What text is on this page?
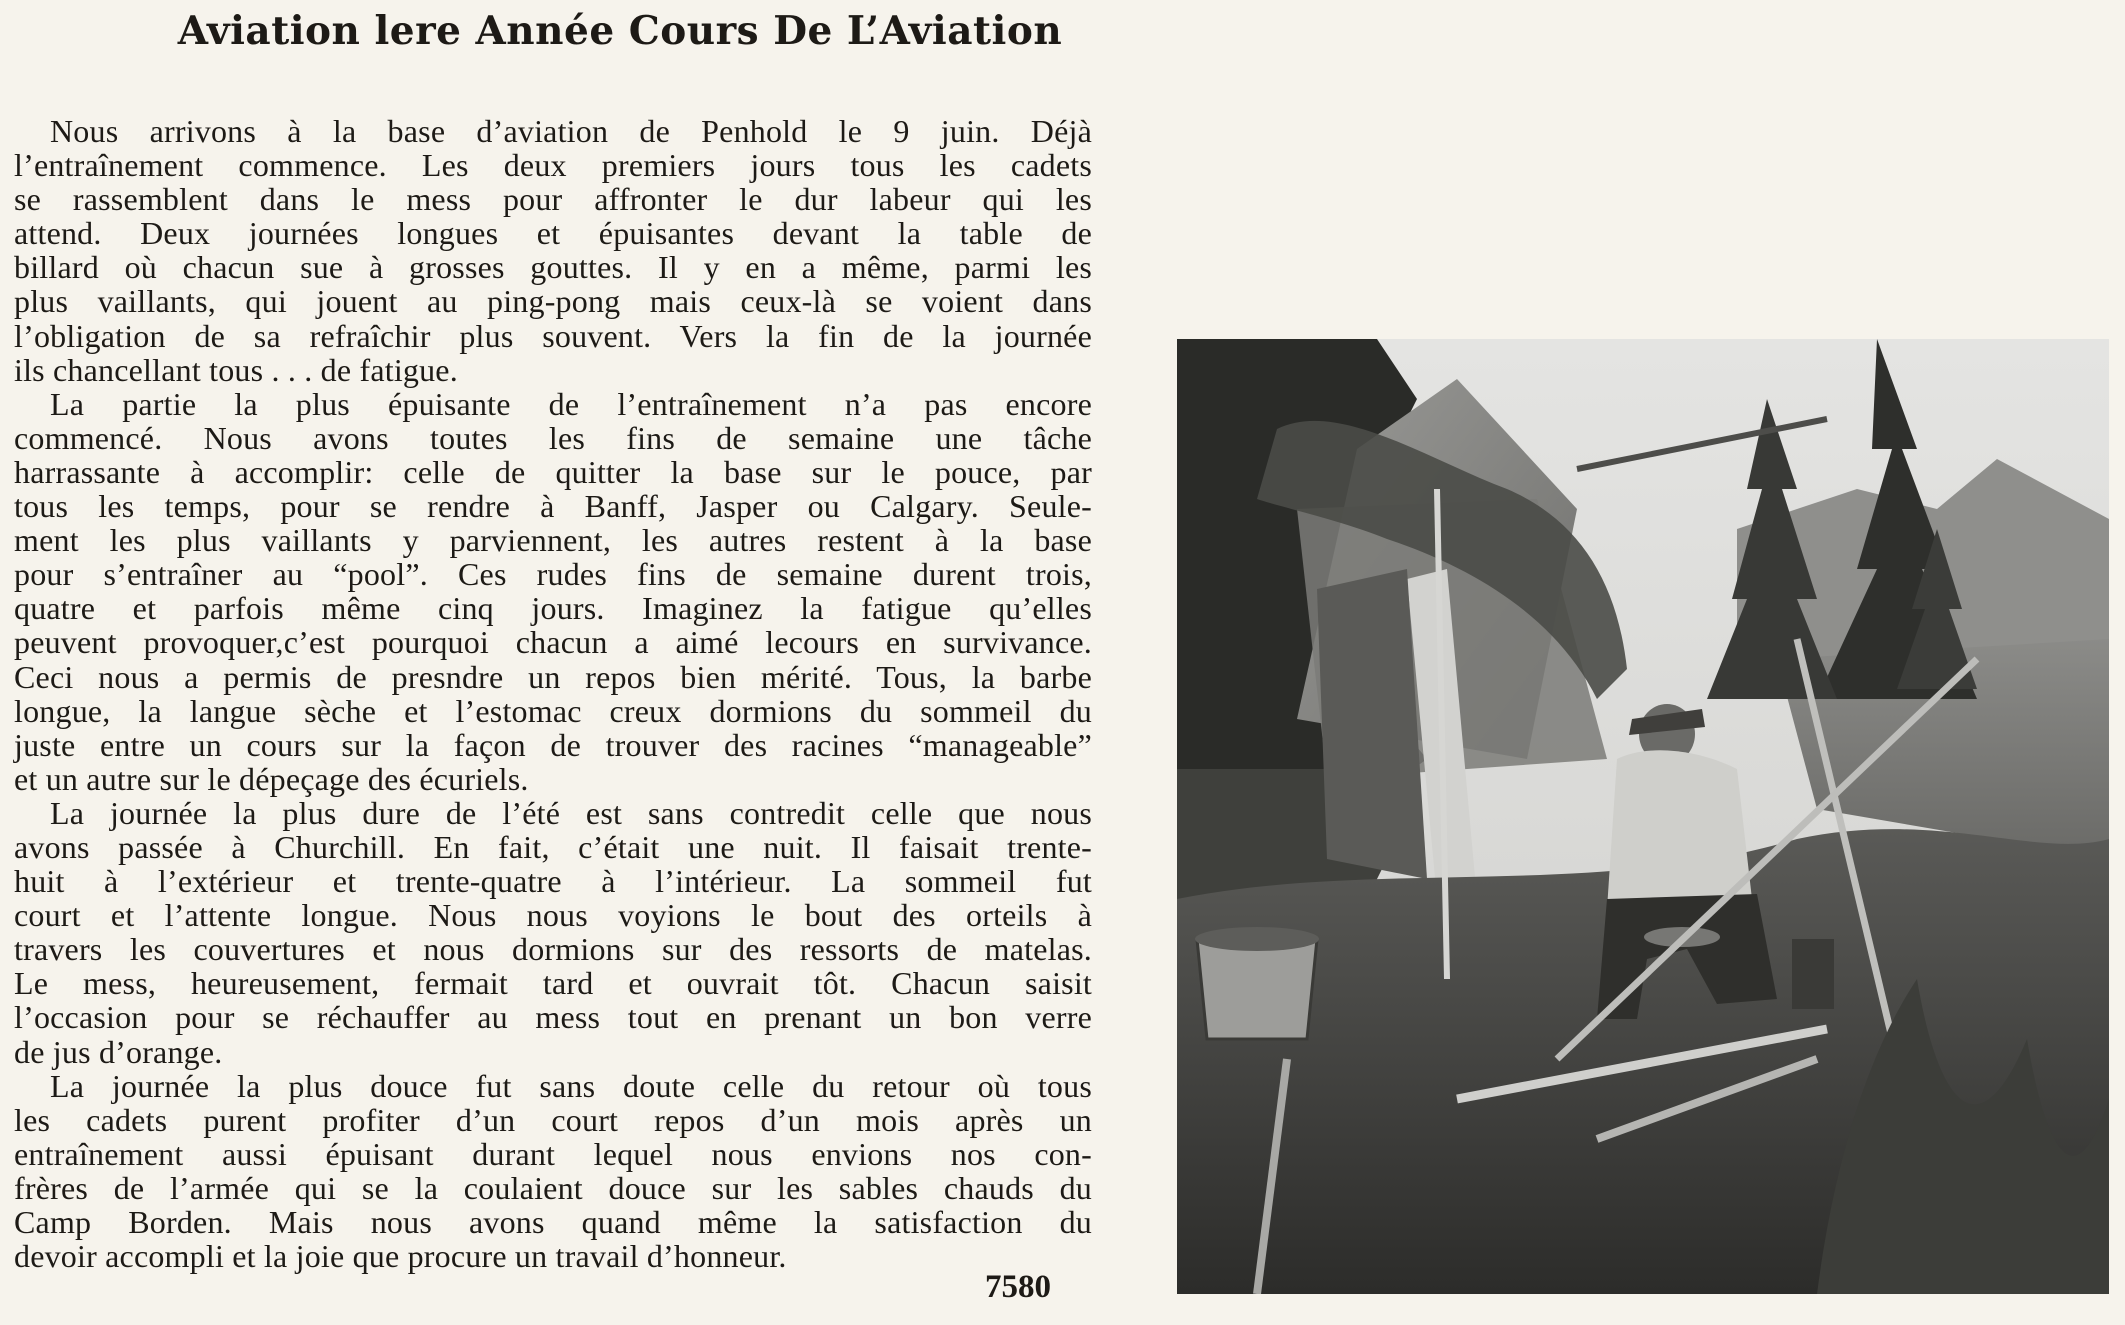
Aviation lere Année Cours De L’Aviation
Nous arrivons à la base d’aviation de Penhold le 9 juin. Déjà
l’entraînement commence. Les deux premiers jours tous les cadets
se rassemblent dans le mess pour affronter le dur labeur qui les
attend. Deux journées longues et épuisantes devant la table de
billard où chacun sue à grosses gouttes. Il y en a même, parmi les
plus vaillants, qui jouent au ping-pong mais ceux-là se voient dans
l’obligation de sa refraîchir plus souvent. Vers la fin de la journée
ils chancellant tous . . . de fatigue.
La partie la plus épuisante de l’entraînement n’a pas encore
commencé. Nous avons toutes les fins de semaine une tâche
harrassante à accomplir: celle de quitter la base sur le pouce, par
tous les temps, pour se rendre à Banff, Jasper ou Calgary. Seule-
ment les plus vaillants y parviennent, les autres restent à la base
pour s’entraîner au “pool”. Ces rudes fins de semaine durent trois,
quatre et parfois même cinq jours. Imaginez la fatigue qu’elles
peuvent provoquer,c’est pourquoi chacun a aimé lecours en survivance.
Ceci nous a permis de presndre un repos bien mérité. Tous, la barbe
longue, la langue sèche et l’estomac creux dormions du sommeil du
juste entre un cours sur la façon de trouver des racines “manageable”
et un autre sur le dépeçage des écuriels.
La journée la plus dure de l’été est sans contredit celle que nous
avons passée à Churchill. En fait, c’était une nuit. Il faisait trente-
huit à l’extérieur et trente-quatre à l’intérieur. La sommeil fut
court et l’attente longue. Nous nous voyions le bout des orteils à
travers les couvertures et nous dormions sur des ressorts de matelas.
Le mess, heureusement, fermait tard et ouvrait tôt. Chacun saisit
l’occasion pour se réchauffer au mess tout en prenant un bon verre
de jus d’orange.
La journée la plus douce fut sans doute celle du retour où tous
les cadets purent profiter d’un court repos d’un mois après un
entraînement aussi épuisant durant lequel nous envions nos con-
frères de l’armée qui se la coulaient douce sur les sables chauds du
Camp Borden. Mais nous avons quand même la satisfaction du
devoir accompli et la joie que procure un travail d’honneur.
7580
